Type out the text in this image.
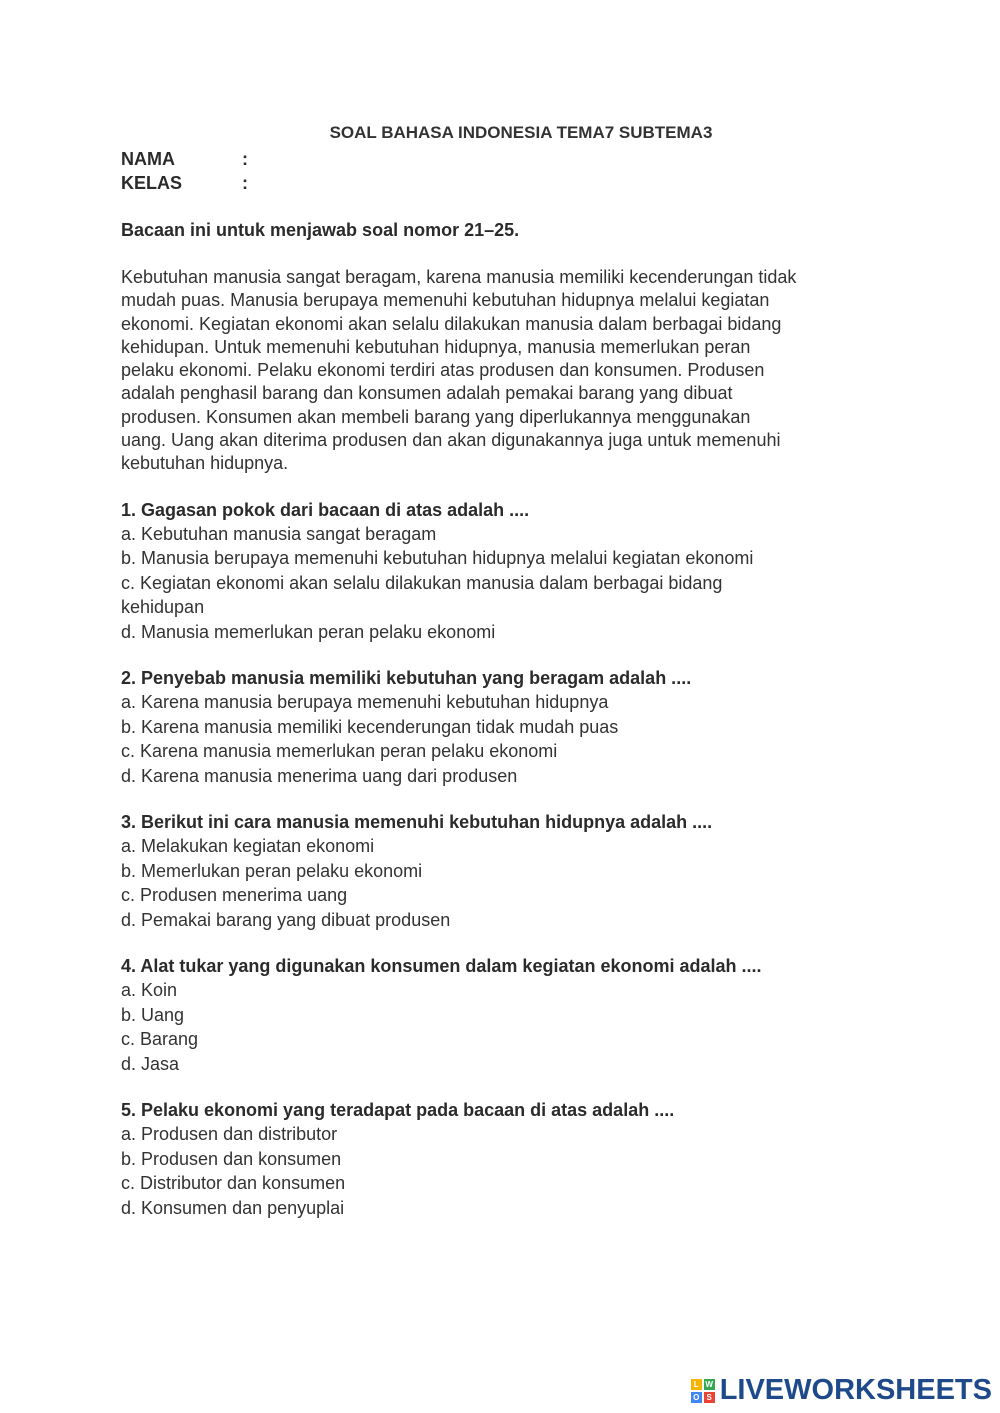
SOAL BAHASA INDONESIA TEMA7 SUBTEMA3
NAMA	:
KELAS	:
Bacaan ini untuk menjawab soal nomor 21–25.
Kebutuhan manusia sangat beragam, karena manusia memiliki kecenderungan tidak
mudah puas. Manusia berupaya memenuhi kebutuhan hidupnya melalui kegiatan
ekonomi. Kegiatan ekonomi akan selalu dilakukan manusia dalam berbagai bidang
kehidupan. Untuk memenuhi kebutuhan hidupnya, manusia memerlukan peran
pelaku ekonomi. Pelaku ekonomi terdiri atas produsen dan konsumen. Produsen
adalah penghasil barang dan konsumen adalah pemakai barang yang dibuat
produsen. Konsumen akan membeli barang yang diperlukannya menggunakan
uang. Uang akan diterima produsen dan akan digunakannya juga untuk memenuhi
kebutuhan hidupnya.
1. Gagasan pokok dari bacaan di atas adalah ....
a. Kebutuhan manusia sangat beragam
b. Manusia berupaya memenuhi kebutuhan hidupnya melalui kegiatan ekonomi
c. Kegiatan ekonomi akan selalu dilakukan manusia dalam berbagai bidang
kehidupan
d. Manusia memerlukan peran pelaku ekonomi
2. Penyebab manusia memiliki kebutuhan yang beragam adalah ....
a. Karena manusia berupaya memenuhi kebutuhan hidupnya
b. Karena manusia memiliki kecenderungan tidak mudah puas
c. Karena manusia memerlukan peran pelaku ekonomi
d. Karena manusia menerima uang dari produsen
3. Berikut ini cara manusia memenuhi kebutuhan hidupnya adalah ....
a. Melakukan kegiatan ekonomi
b. Memerlukan peran pelaku ekonomi
c. Produsen menerima uang
d. Pemakai barang yang dibuat produsen
4. Alat tukar yang digunakan konsumen dalam kegiatan ekonomi adalah ....
a. Koin
b. Uang
c. Barang
d. Jasa
5. Pelaku ekonomi yang teradapat pada bacaan di atas adalah ....
a. Produsen dan distributor
b. Produsen dan konsumen
c. Distributor dan konsumen
d. Konsumen dan penyuplai
L W
O S LIVEWORKSHEETS
